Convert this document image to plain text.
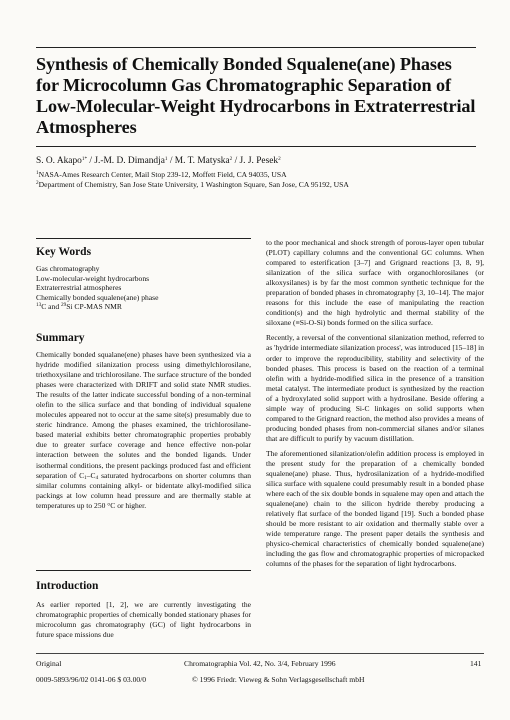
Synthesis of Chemically Bonded Squalene(ane) Phases for Microcolumn Gas Chromatographic Separation of Low-Molecular-Weight Hydrocarbons in Extraterrestrial Atmospheres
S. O. Akapo$^{1*}$ / J.-M. D. Dimandja$^1$ / M. T. Matyska$^2$ / J. J. Pesek$^2$
$^1$NASA-Ames Research Center, Mail Stop 239-12, Moffett Field, CA 94035, USA
$^2$Department of Chemistry, San Jose State University, 1 Washington Square, San Jose, CA 95192, USA
Key Words
Gas chromatography
Low-molecular-weight hydrocarbons
Extraterrestrial atmospheres
Chemically bonded squalene(ane) phase
$^{13}$C and $^{29}$Si CP-MAS NMR
Summary

Chemically bonded squalane(ene) phases have been synthesized via a hydride modified silanization process using dimethylchlorosilane, triethoxysilane and trichlorosilane. The surface structure of the bonded phases were characterized with DRIFT and solid state NMR studies. The results of the latter indicate successful bonding of a non-terminal olefin to the silica surface and that bonding of individual squalene molecules appeared not to occur at the same site(s) presumably due to steric hindrance. Among the phases examined, the trichlorosilane-based material exhibits better chromatographic properties probably due to greater surface coverage and hence effective non-polar interaction between the solutes and the bonded ligands. Under isothermal conditions, the present packings produced fast and efficient separation of $C_1-C_4$ saturated hydrocarbons on shorter columns than similar columns containing alkyl- or bidentate alkyl-modified silica packings at low column head pressure and are thermally stable at temperatures up to 250 °C or higher.

Introduction

As earlier reported [1, 2], we are currently investigating the chromatographic properties of chemically bonded stationary phases for microcolumn gas chromatography (GC) of light hydrocarbons in future space missions due

to the poor mechanical and shock strength of porous-layer open tubular (PLOT) capillary columns and the conventional GC columns. When compared to esterification [3–7] and Grignard reactions [3, 8, 9], silanization of the silica surface with organochlorosilanes (or alkoxysilanes) is by far the most common synthetic technique for the preparation of bonded phases in chromatography [3, 10–14]. The major reasons for this include the ease of manipulating the reaction condition(s) and the high hydrolytic and thermal stability of the siloxane (≡Si-O-Si) bonds formed on the silica surface.

Recently, a reversal of the conventional silanization method, referred to as 'hydride intermediate silanization process', was introduced [15–18] in order to improve the reproducibility, stability and selectivity of the bonded phases. This process is based on the reaction of a terminal olefin with a hydride-modified silica in the presence of a transition metal catalyst. The intermediate product is synthesized by the reaction of a hydroxylated solid support with a hydrosilane. Beside offering a simple way of producing Si-C linkages on solid supports when compared to the Grignard reaction, the method also provides a means of producing bonded phases from non-commercial silanes and/or silanes that are difficult to purify by vacuum distillation.

The aforementioned silanization/olefin addition process is employed in the present study for the preparation of a chemically bonded squalene(ane) phase. Thus, hydrosilanization of a hydride-modified silica surface with squalene could presumably result in a bonded phase where each of the six double bonds in squalene may open and attach the squalene(ane) chain to the silicon hydride thereby producing a relatively flat surface of the bonded ligand [19]. Such a bonded phase should be more resistant to air oxidation and thermally stable over a wide temperature range. The present paper details the synthesis and physico-chemical characteristics of chemically bonded squalene(ane) including the gas flow and chromatographic properties of micropacked columns of the phases for the separation of light hydrocarbons.

Original	Chromatographia Vol. 42, No. 3/4, February 1996	141
0009-5893/96/02 0141-06 $ 03.00/0	© 1996 Friedr. Vieweg & Sohn Verlagsgesellschaft mbH
